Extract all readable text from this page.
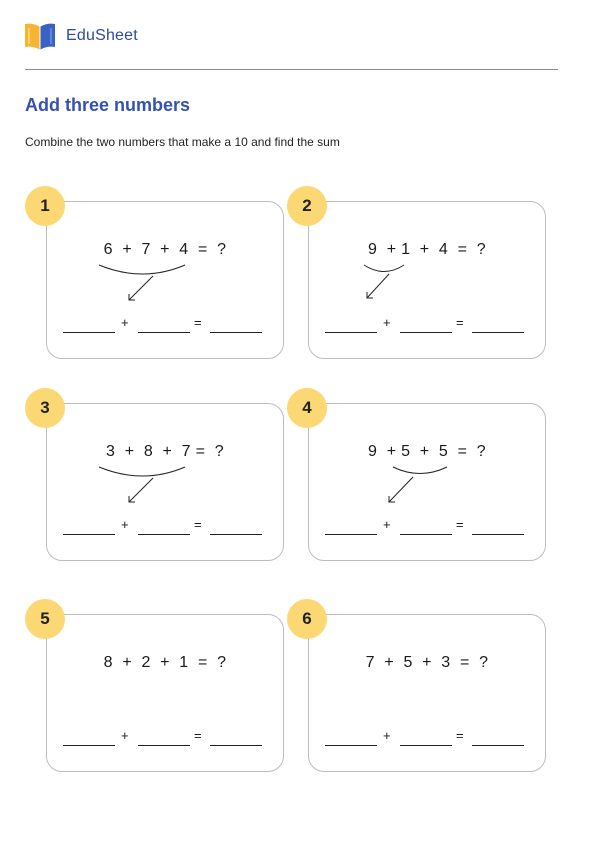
EduSheet
Add three numbers

Combine the two numbers that make a 10 and find the sum

6  +  7  +  4  =  ?
+	=
1
9  + 1  +  4  =  ?
+	=
2
3  +  8  +  7 =  ?
+	=
3
9  + 5  +  5  =  ?
+	=
4
8  +  2  +  1  =  ?
+	=
5
7  +  5  +  3  =  ?
+	=
6
